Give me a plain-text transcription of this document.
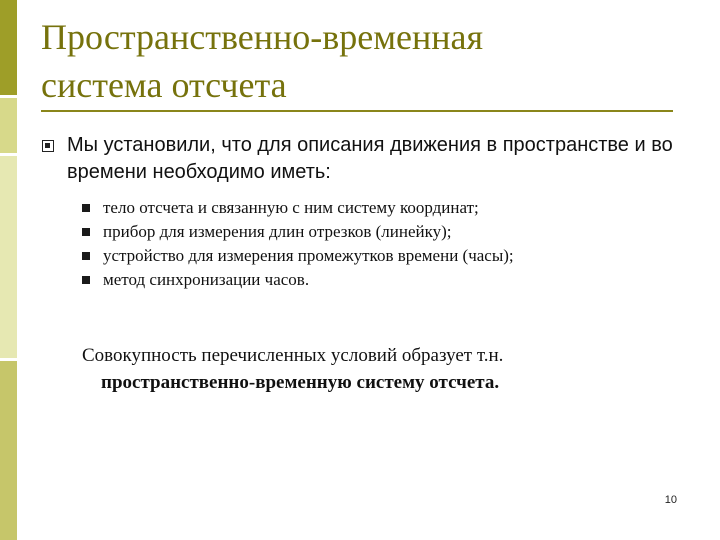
Пространственно-временная
система отсчета
Мы установили, что для описания движения в пространстве и во времени необходимо иметь:
тело отсчета и связанную с ним систему координат;
прибор для измерения длин отрезков (линейку);
устройство для измерения промежутков времени (часы);
метод синхронизации часов.
Совокупность перечисленных условий образует т.н.
пространственно-временную систему отсчета.
10
